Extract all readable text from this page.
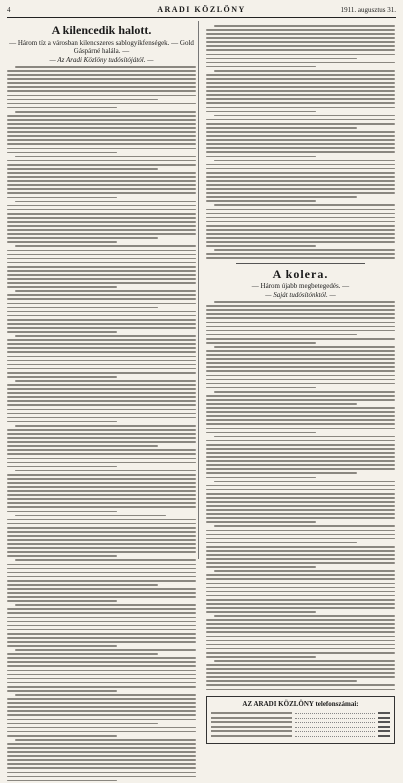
4	ARADI KÖZLÖNY	1911. augusztus 31.
A kilencedik halott.
— Három tíz a városban kilencszeres sablogyikfenségek. — Gold Gáspárné halála. —
— Az Aradi Közlöny tudósítójától. —
A kolera.
— Három újabb megbetegedés. —
— Saját tudósítónktól. —
AZ ARADI KÖZLÖNY telefonszámai:
